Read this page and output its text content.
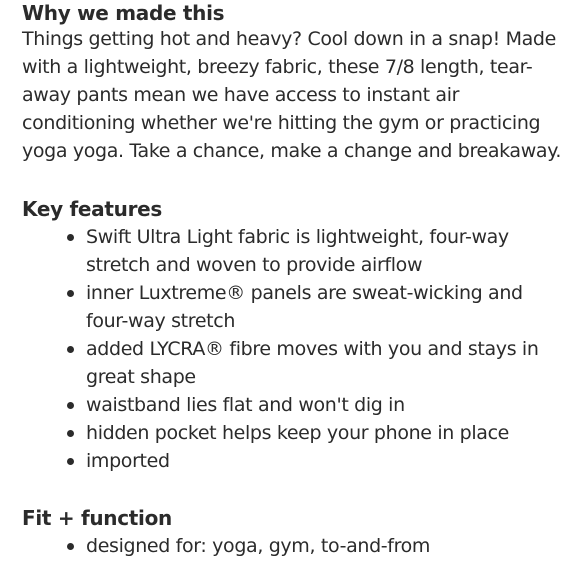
Why we made this

Things getting hot and heavy? Cool down in a snap! Made with a lightweight, breezy fabric, these 7/8 length, tear-away pants mean we have access to instant air conditioning whether we're hitting the gym or practicing yoga yoga. Take a chance, make a change and breakaway.

Key features
Swift Ultra Light fabric is lightweight, four-way stretch and woven to provide airflow
inner Luxtreme® panels are sweat-wicking and four-way stretch
added LYCRA® fibre moves with you and stays in great shape
waistband lies flat and won't dig in
hidden pocket helps keep your phone in place
imported
Fit + function
designed for: yoga, gym, to-and-from
